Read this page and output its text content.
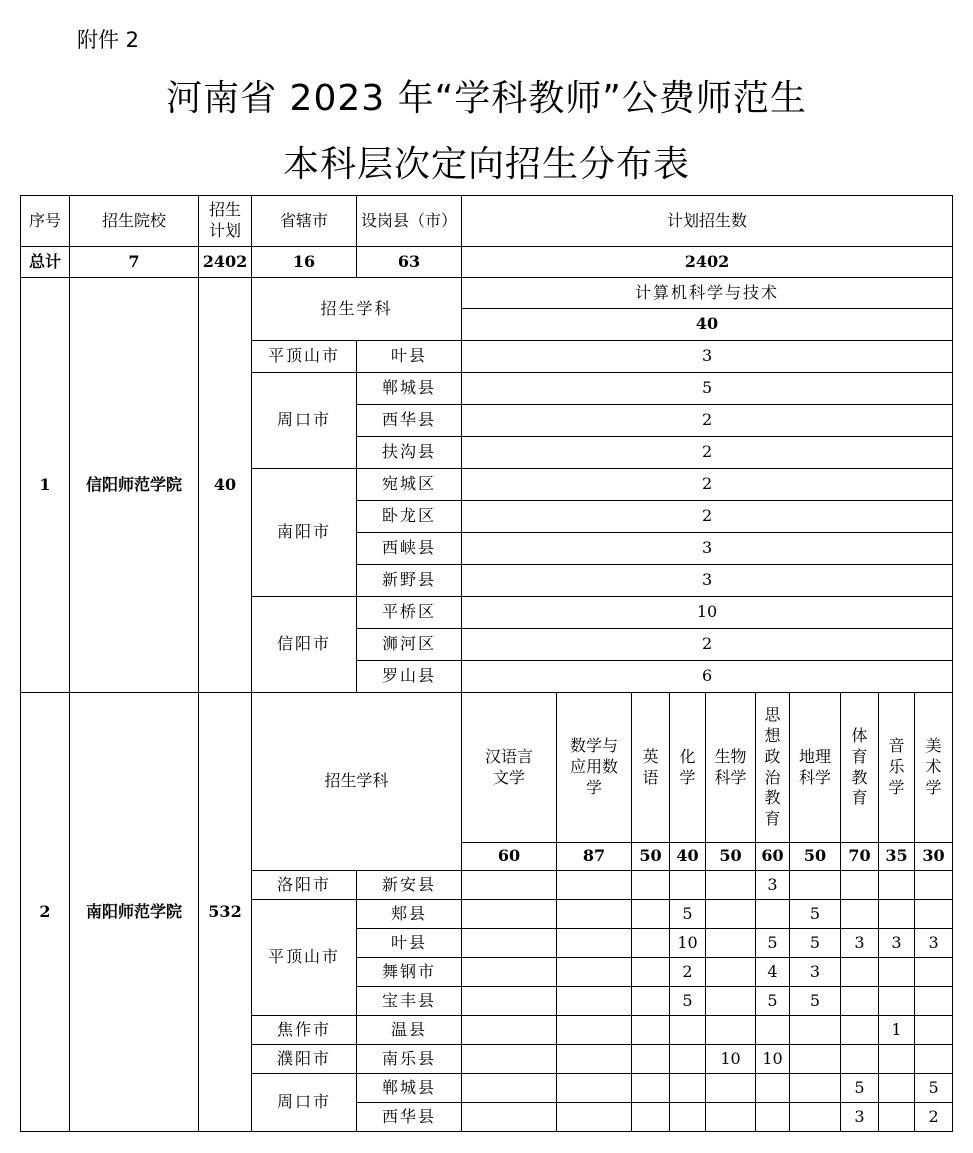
附件 2
河南省 2023 年“学科教师”公费师范生
本科层次定向招生分布表
序号	招生院校	招生计划	省辖市	设岗县（市）	计划招生数									
总计	7	2402	16	63	2402									
1	信阳师范学院	40	招生学科		计算机科学与技术									
					40									
			平顶山市	叶县	3									
			周口市	郸城县	5									
				西华县	2									
				扶沟县	2									
			南阳市	宛城区	2									
				卧龙区	2									
				西峡县	3									
				新野县	3									
			信阳市	平桥区	10									
				浉河区	2									
				罗山县	6									
2	南阳师范学院	532	招生学科		汉语言文学	数学与应用数学	英语	化学	生物科学	思想政治教育	地理科学	体育教育	音乐学	美术学
					60	87	50	40	50	60	50	70	35	30
			洛阳市	新安县						3				
			平顶山市	郏县				5			5			
				叶县				10		5	5	3	3	3
				舞钢市				2		4	3			
				宝丰县				5		5	5			
			焦作市	温县									1	
			濮阳市	南乐县					10	10				
			周口市	郸城县								5		5
				西华县								3		2
